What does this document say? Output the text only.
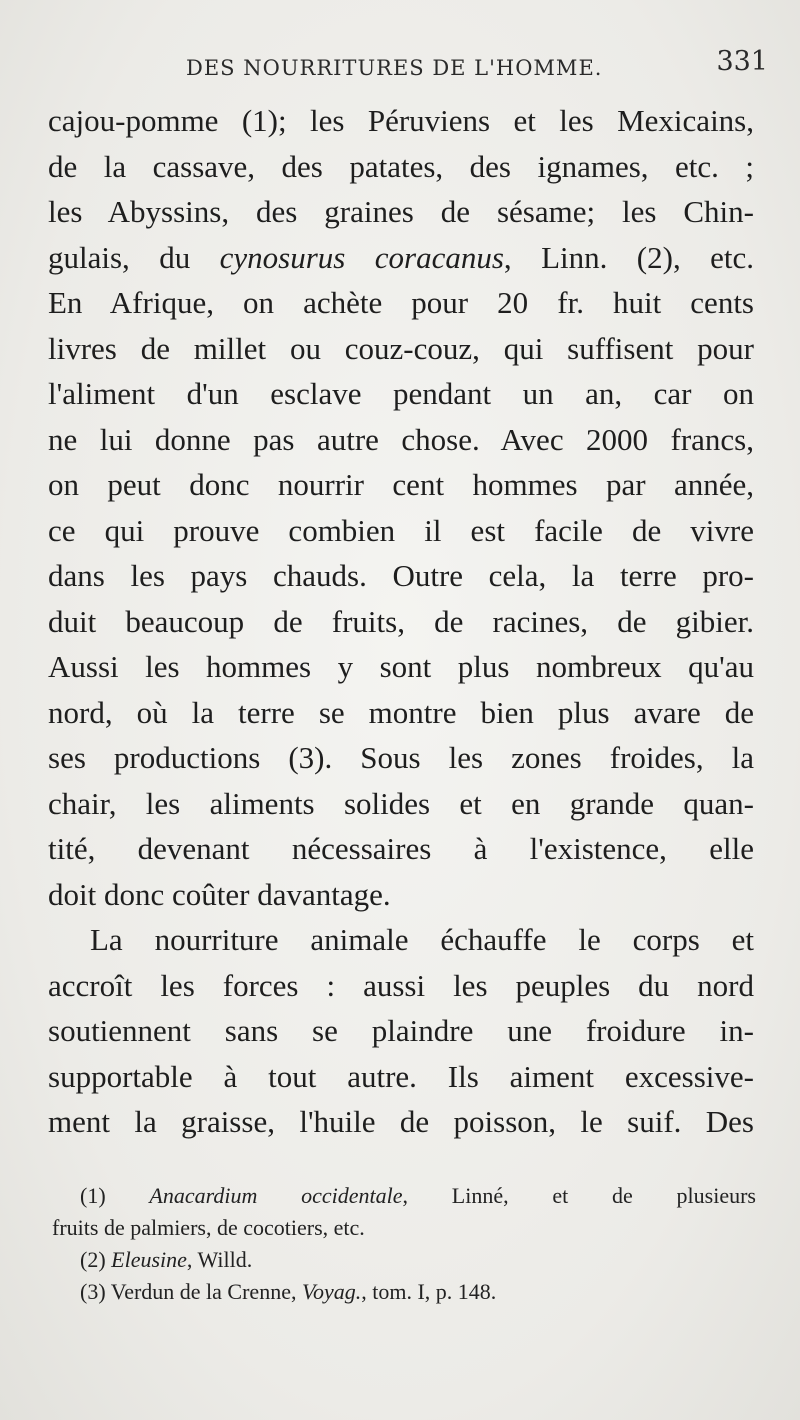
DES NOURRITURES DE L'HOMME.	331
cajou-pomme (1); les Péruviens et les Mexicains,
de la cassave, des patates, des ignames, etc. ;
les Abyssins, des graines de sésame; les Chin-
gulais, du cynosurus coracanus, Linn. (2), etc.
En Afrique, on achète pour 20 fr. huit cents
livres de millet ou couz-couz, qui suffisent pour
l'aliment d'un esclave pendant un an, car on
ne lui donne pas autre chose. Avec 2000 francs,
on peut donc nourrir cent hommes par année,
ce qui prouve combien il est facile de vivre
dans les pays chauds. Outre cela, la terre pro-
duit beaucoup de fruits, de racines, de gibier.
Aussi les hommes y sont plus nombreux qu'au
nord, où la terre se montre bien plus avare de
ses productions (3). Sous les zones froides, la
chair, les aliments solides et en grande quan-
tité, devenant nécessaires à l'existence, elle
doit donc coûter davantage.
La nourriture animale échauffe le corps et
accroît les forces : aussi les peuples du nord
soutiennent sans se plaindre une froidure in-
supportable à tout autre. Ils aiment excessive-
ment la graisse, l'huile de poisson, le suif. Des
(1) Anacardium occidentale, Linné, et de plusieurs
fruits de palmiers, de cocotiers, etc.
(2) Eleusine, Willd.
(3) Verdun de la Crenne, Voyag., tom. I, p. 148.
